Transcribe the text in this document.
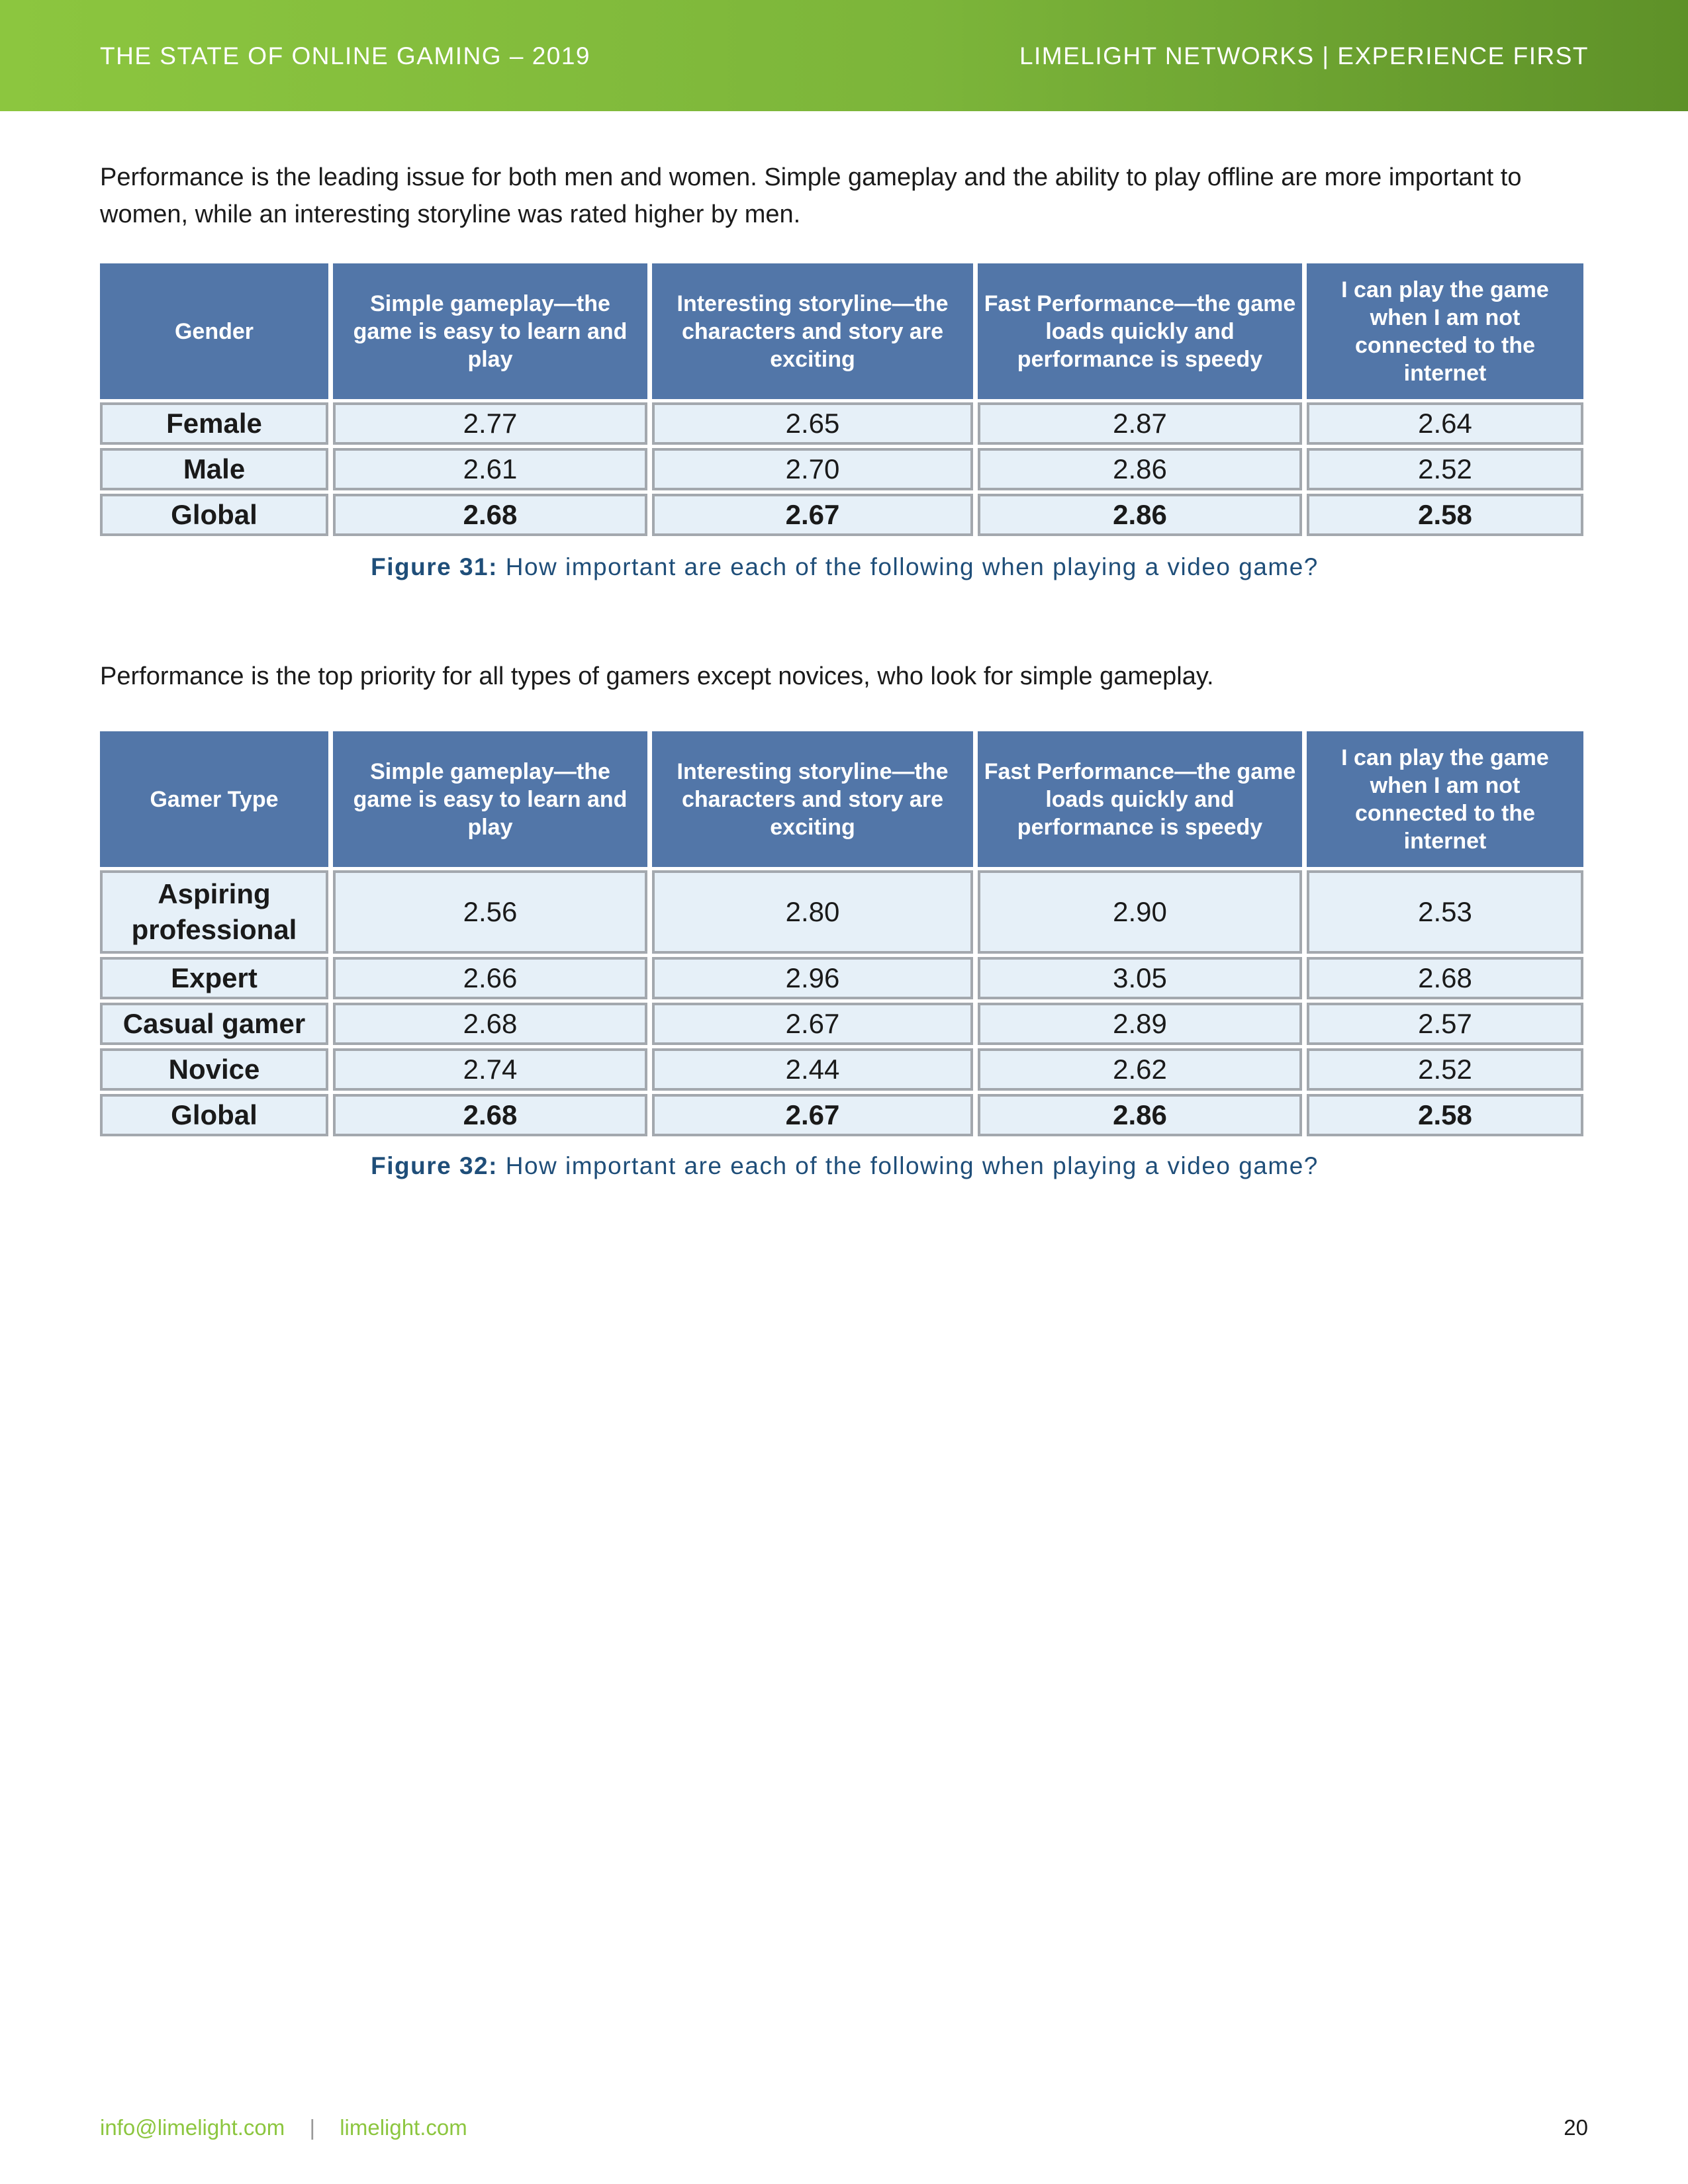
THE STATE OF ONLINE GAMING – 2019	LIMELIGHT NETWORKS | EXPERIENCE FIRST
Performance is the leading issue for both men and women. Simple gameplay and the ability to play offline are more important to women, while an interesting storyline was rated higher by men.
Gender	Simple gameplay—the game is easy to learn and play	Interesting storyline—the characters and story are exciting	Fast Performance—the game loads quickly and performance is speedy	I can play the game when I am not connected to the internet
Female	2.77	2.65	2.87	2.64
Male	2.61	2.70	2.86	2.52
Global	2.68	2.67	2.86	2.58
Figure 31: How important are each of the following when playing a video game?
Performance is the top priority for all types of gamers except novices, who look for simple gameplay.
Gamer Type	Simple gameplay—the game is easy to learn and play	Interesting storyline—the characters and story are exciting	Fast Performance—the game loads quickly and performance is speedy	I can play the game when I am not connected to the internet
Aspiring professional	2.56	2.80	2.90	2.53
Expert	2.66	2.96	3.05	2.68
Casual gamer	2.68	2.67	2.89	2.57
Novice	2.74	2.44	2.62	2.52
Global	2.68	2.67	2.86	2.58
Figure 32: How important are each of the following when playing a video game?
info@limelight.com | limelight.com	20
